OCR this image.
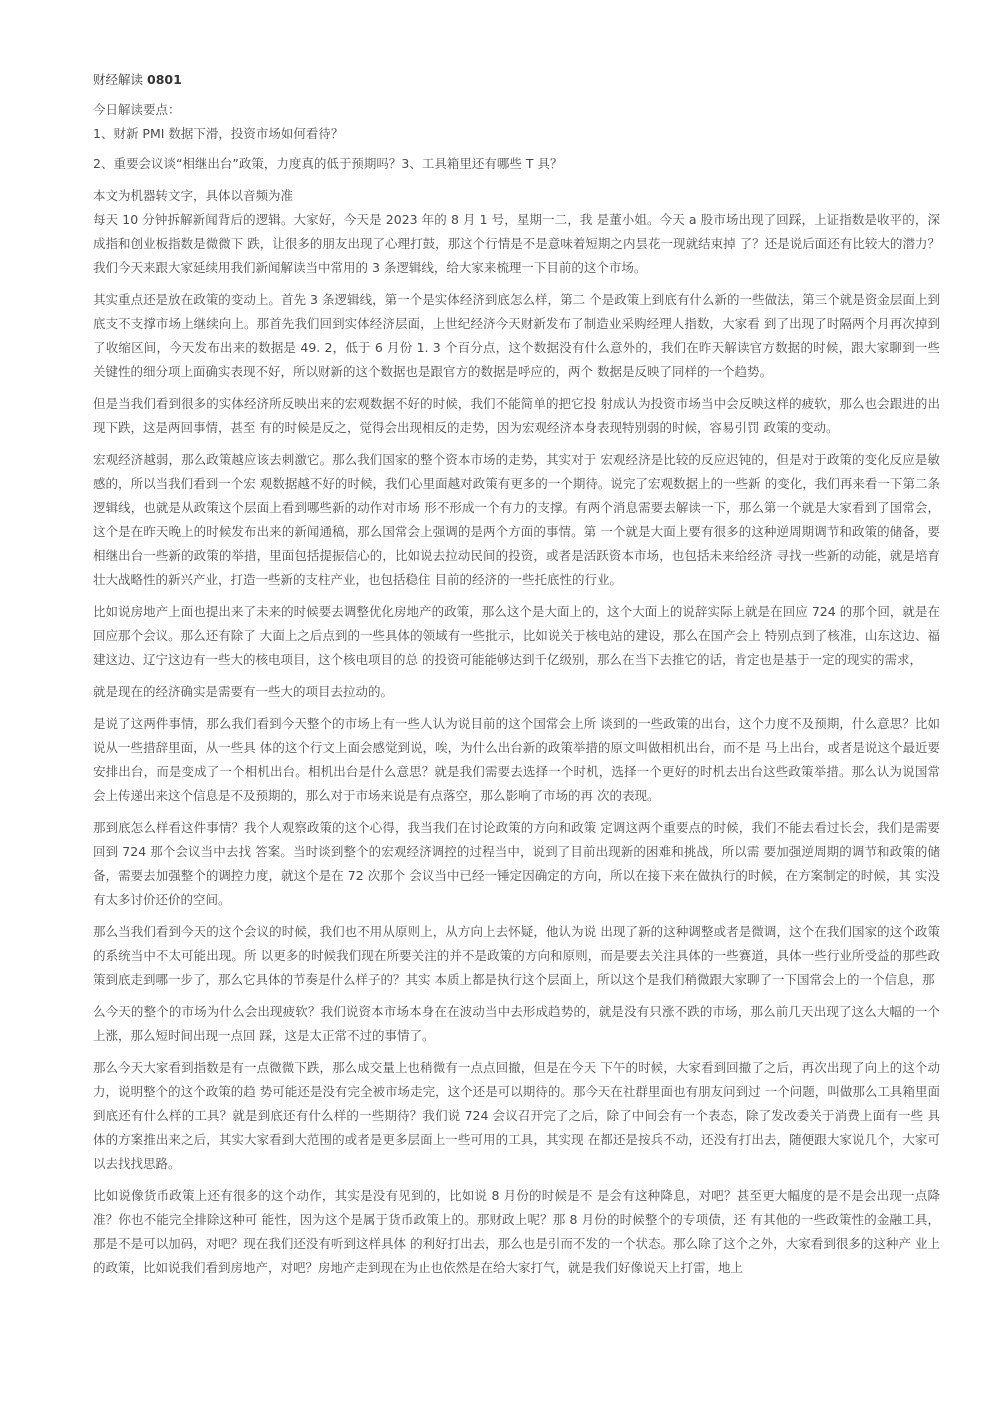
财经解读 0801

今日解读要点：

1、财新 PMI 数据下滑，投资市场如何看待？

2、重要会议谈“相继出台”政策，力度真的低于预期吗？3、工具箱里还有哪些 T 具？

本文为机器转文字，具体以音频为准

每天 10 分钟拆解新闻背后的逻辑。大家好，今天是 2023 年的 8 月 1 号，星期一二，我 是董小姐。今天 a 股市场出现了回踩，上证指数是收平的，深成指和创业板指数是微微下 跌，让很多的朋友出现了心理打鼓，那这个行情是不是意味着短期之内昙花一现就结束掉 了？还是说后面还有比较大的潜力？我们今天来跟大家延续用我们新闻解读当中常用的 3 条逻辑线，给大家来梳理一下目前的这个市场。

其实重点还是放在政策的变动上。首先 3 条逻辑线，第一个是实体经济到底怎么样，第二 个是政策上到底有什么新的一些做法，第三个就是资金层面上到底支不支撑市场上继续向上。那首先我们回到实体经济层面，上世纪经济今天财新发布了制造业采购经理人指数，大家看 到了出现了时隔两个月再次掉到了收缩区间，今天发布出来的数据是 49. 2，低于 6 月份 1. 3 个百分点，这个数据没有什么意外的，我们在昨天解读官方数据的时候，跟大家聊到一些 关键性的细分项上面确实表现不好，所以财新的这个数据也是跟官方的数据是呼应的，两个 数据是反映了同样的一个趋势。

但是当我们看到很多的实体经济所反映出来的宏观数据不好的时候，我们不能简单的把它投 射成认为投资市场当中会反映这样的疲软，那么也会跟进的出现下跌，这是两回事情，甚至 有的时候是反之，觉得会出现相反的走势，因为宏观经济本身表现特别弱的时候，容易引罚 政策的变动。

宏观经济越弱，那么政策越应该去刺激它。那么我们国家的整个资本市场的走势，其实对于 宏观经济是比较的反应迟钝的，但是对于政策的变化反应是敏感的，所以当我们看到一个宏 观数据越不好的时候，我们心里面越对政策有更多的一个期待。说完了宏观数据上的一些新 的变化，我们再来看一下第二条逻辑线，也就是从政策这个层面上看到哪些新的动作对市场 形不形成一个有力的支撑。有两个消息需要去解读一下，那么第一个就是大家看到了国常会，这个是在昨天晚上的时候发布出来的新闻通稿，那么国常会上强调的是两个方面的事情。第 一个就是大面上要有很多的这种逆周期调节和政策的储备，要相继出台一些新的政策的举措，里面包括提振信心的，比如说去拉动民间的投资，或者是活跃资本市场，也包括未来给经济 寻找一些新的动能，就是培育壮大战略性的新兴产业，打造一些新的支柱产业，也包括稳住 目前的经济的一些托底性的行业。

比如说房地产上面也提出来了未来的时候要去调整优化房地产的政策，那么这个是大面上的，这个大面上的说辞实际上就是在回应 724 的那个回，就是在回应那个会议。那么还有除了 大面上之后点到的一些具体的领域有一些批示，比如说关于核电站的建设，那么在国产会上 特别点到了核准，山东这边、福建这边、辽宁这边有一些大的核电项目，这个核电项目的总 的投资可能能够达到千亿级别，那么在当下去推它的话，肯定也是基于一定的现实的需求，

就是现在的经济确实是需要有一些大的项目去拉动的。

是说了这两件事情，那么我们看到今天整个的市场上有一些人认为说目前的这个国常会上所 谈到的一些政策的出台，这个力度不及预期，什么意思？比如说从一些措辞里面，从一些具 体的这个行文上面会感觉到说，唉，为什么出台新的政策举措的原文叫做相机出台，而不是 马上出台，或者是说这个最近要安排出台，而是变成了一个相机出台。相机出台是什么意思？就是我们需要去选择一个时机，选择一个更好的时机去出台这些政策举措。那么认为说国常 会上传递出来这个信息是不及预期的，那么对于市场来说是有点落空，那么影响了市场的再 次的表现。

那到底怎么样看这件事情？我个人观察政策的这个心得，我当我们在讨论政策的方向和政策 定调这两个重要点的时候，我们不能去看过长会，我们是需要回到 724 那个会议当中去找 答案。当时谈到整个的宏观经济调控的过程当中，说到了目前出现新的困难和挑战，所以需 要加强逆周期的调节和政策的储备，需要去加强整个的调控力度，就这个是在 72 次那个 会议当中已经一锤定因确定的方向，所以在接下来在做执行的时候，在方案制定的时候，其 实没有太多讨价还价的空间。

那么当我们看到今天的这个会议的时候，我们也不用从原则上，从方向上去怀疑，他认为说 出现了新的这种调整或者是微调，这个在我们国家的这个政策的系统当中不太可能出现。所 以更多的时候我们现在所要关注的并不是政策的方向和原则，而是要去关注具体的一些赛道，具体一些行业所受益的那些政策到底走到哪一步了，那么它具体的节奏是什么样子的？其实 本质上都是执行这个层面上，所以这个是我们稍微跟大家聊了一下国常会上的一个信息，那

么今天的整个的市场为什么会出现疲软？我们说资本市场本身在在波动当中去形成趋势的，就是没有只涨不跌的市场，那么前几天出现了这么大幅的一个上涨，那么短时间出现一点回 踩，这是太正常不过的事情了。

那么今天大家看到指数是有一点微微下跌，那么成交量上也稍微有一点点回撤，但是在今天 下午的时候，大家看到回撤了之后，再次出现了向上的这个动力，说明整个的这个政策的趋 势可能还是没有完全被市场走完，这个还是可以期待的。那今天在社群里面也有朋友问到过 一个问题，叫做那么工具箱里面到底还有什么样的工具？就是到底还有什么样的一些期待？我们说 724 会议召开完了之后，除了中间会有一个表态，除了发改委关于消费上面有一些 具体的方案推出来之后，其实大家看到大范围的或者是更多层面上一些可用的工具，其实现 在都还是按兵不动，还没有打出去，随便跟大家说几个，大家可以去找找思路。

比如说像货币政策上还有很多的这个动作，其实是没有见到的，比如说 8 月份的时候是不 是会有这种降息，对吧？甚至更大幅度的是不是会出现一点降准？你也不能完全排除这种可 能性，因为这个是属于货币政策上的。那财政上呢？那 8 月份的时候整个的专项债，还 有其他的一些政策性的金融工具，那是不是可以加码，对吧？现在我们还没有听到这样具体 的利好打出去，那么也是引而不发的一个状态。那么除了这个之外，大家看到很多的这种产 业上的政策，比如说我们看到房地产，对吧？房地产走到现在为止也依然是在给大家打气，就是我们好像说天上打雷，地上
